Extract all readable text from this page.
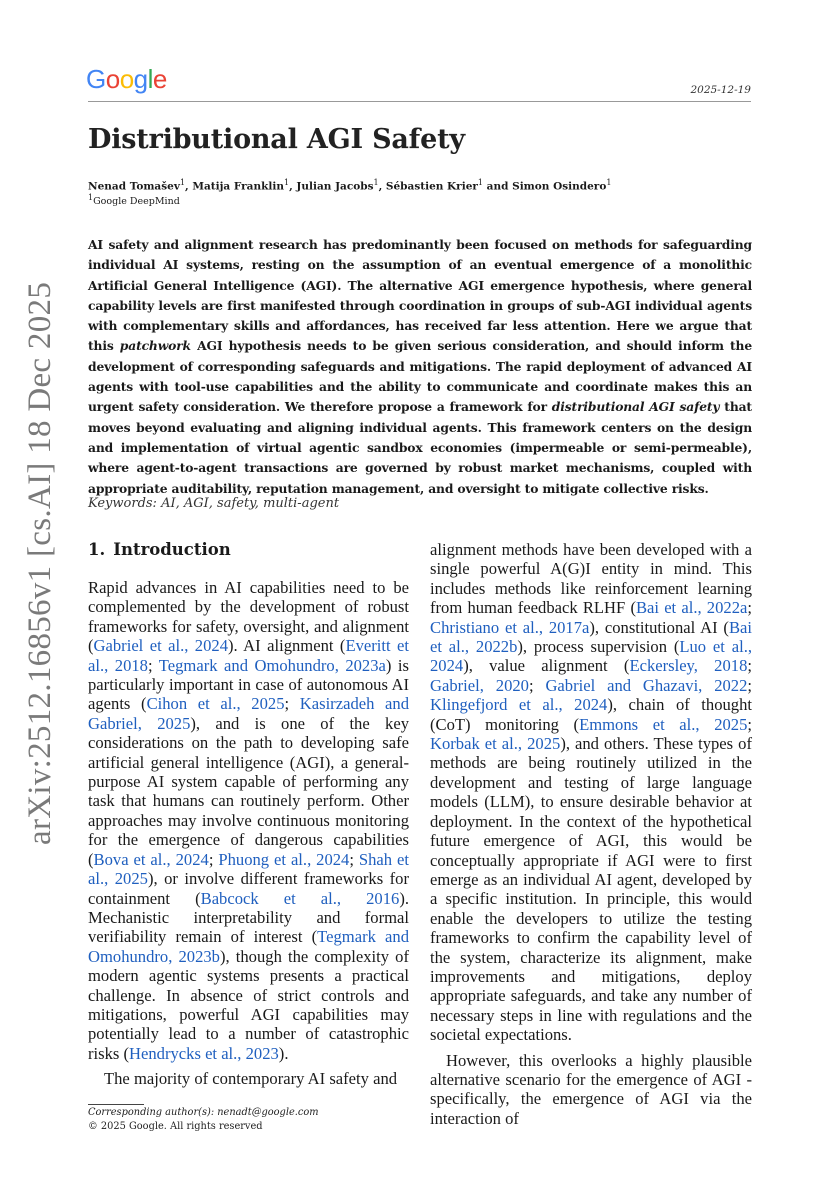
Google	2025-12-19
arXiv:2512.16856v1 [cs.AI] 18 Dec 2025
Distributional AGI Safety
Nenad Tomašev$^1$, Matija Franklin$^1$, Julian Jacobs$^1$, Sébastien Krier$^1$ and Simon Osindero$^1$
$^1$Google DeepMind
AI safety and alignment research has predominantly been focused on methods for safeguarding individual AI systems, resting on the assumption of an eventual emergence of a monolithic Artificial General Intelligence (AGI). The alternative AGI emergence hypothesis, where general capability levels are first manifested through coordination in groups of sub-AGI individual agents with complementary skills and affordances, has received far less attention. Here we argue that this patchwork AGI hypothesis needs to be given serious consideration, and should inform the development of corresponding safeguards and mitigations. The rapid deployment of advanced AI agents with tool-use capabilities and the ability to communicate and coordinate makes this an urgent safety consideration. We therefore propose a framework for distributional AGI safety that moves beyond evaluating and aligning individual agents. This framework centers on the design and implementation of virtual agentic sandbox economies (impermeable or semi-permeable), where agent-to-agent transactions are governed by robust market mechanisms, coupled with appropriate auditability, reputation management, and oversight to mitigate collective risks.
Keywords: AI, AGI, safety, multi-agent
1. Introduction

Rapid advances in AI capabilities need to be complemented by the development of robust frameworks for safety, oversight, and alignment (Gabriel et al., 2024). AI alignment (Everitt et al., 2018; Tegmark and Omohundro, 2023a) is particularly important in case of autonomous AI agents (Cihon et al., 2025; Kasirzadeh and Gabriel, 2025), and is one of the key considerations on the path to developing safe artificial general intelligence (AGI), a general-purpose AI system capable of performing any task that humans can routinely perform. Other approaches may involve continuous monitoring for the emergence of dangerous capabilities (Bova et al., 2024; Phuong et al., 2024; Shah et al., 2025), or involve different frameworks for containment (Babcock et al., 2016). Mechanistic interpretability and formal verifiability remain of interest (Tegmark and Omohundro, 2023b), though the complexity of modern agentic systems presents a practical challenge. In absence of strict controls and mitigations, powerful AGI capabilities may potentially lead to a number of catastrophic risks (Hendrycks et al., 2023).

The majority of contemporary AI safety and

alignment methods have been developed with a single powerful A(G)I entity in mind. This includes methods like reinforcement learning from human feedback RLHF (Bai et al., 2022a; Christiano et al., 2017a), constitutional AI (Bai et al., 2022b), process supervision (Luo et al., 2024), value alignment (Eckersley, 2018; Gabriel, 2020; Gabriel and Ghazavi, 2022; Klingefjord et al., 2024), chain of thought (CoT) monitoring (Emmons et al., 2025; Korbak et al., 2025), and others. These types of methods are being routinely utilized in the development and testing of large language models (LLM), to ensure desirable behavior at deployment. In the context of the hypothetical future emergence of AGI, this would be conceptually appropriate if AGI were to first emerge as an individual AI agent, developed by a specific institution. In principle, this would enable the developers to utilize the testing frameworks to confirm the capability level of the system, characterize its alignment, make improvements and mitigations, deploy appropriate safeguards, and take any number of necessary steps in line with regulations and the societal expectations.

However, this overlooks a highly plausible alternative scenario for the emergence of AGI - specifically, the emergence of AGI via the interaction of

Corresponding author(s): nenadt@google.com
© 2025 Google. All rights reserved
